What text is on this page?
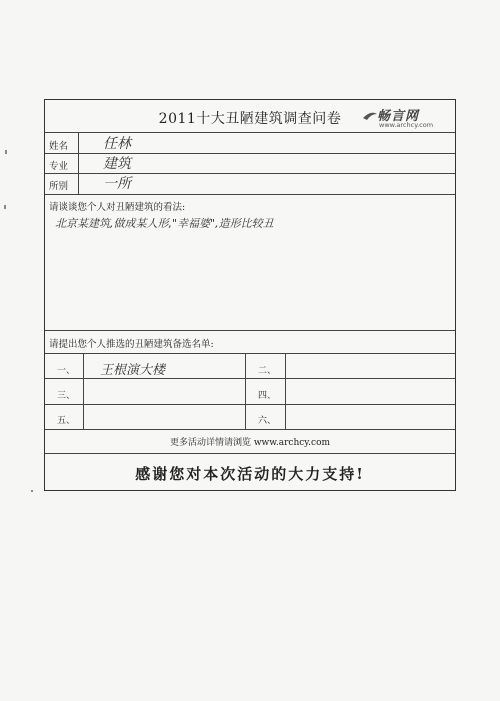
2011十大丑陋建筑调查问卷	畅言网
www.archcy.com
姓名 任林
专业 建筑
所别 一所
请谈谈您个人对丑陋建筑的看法:
北京某建筑,做成某人形,"幸福婆",造形比较丑
请提出您个人推选的丑陋建筑备选名单:
一、 王根演大楼	二、
三、	四、
五、	六、
更多活动详情请浏览 www.archcy.com
感谢您对本次活动的大力支持!
